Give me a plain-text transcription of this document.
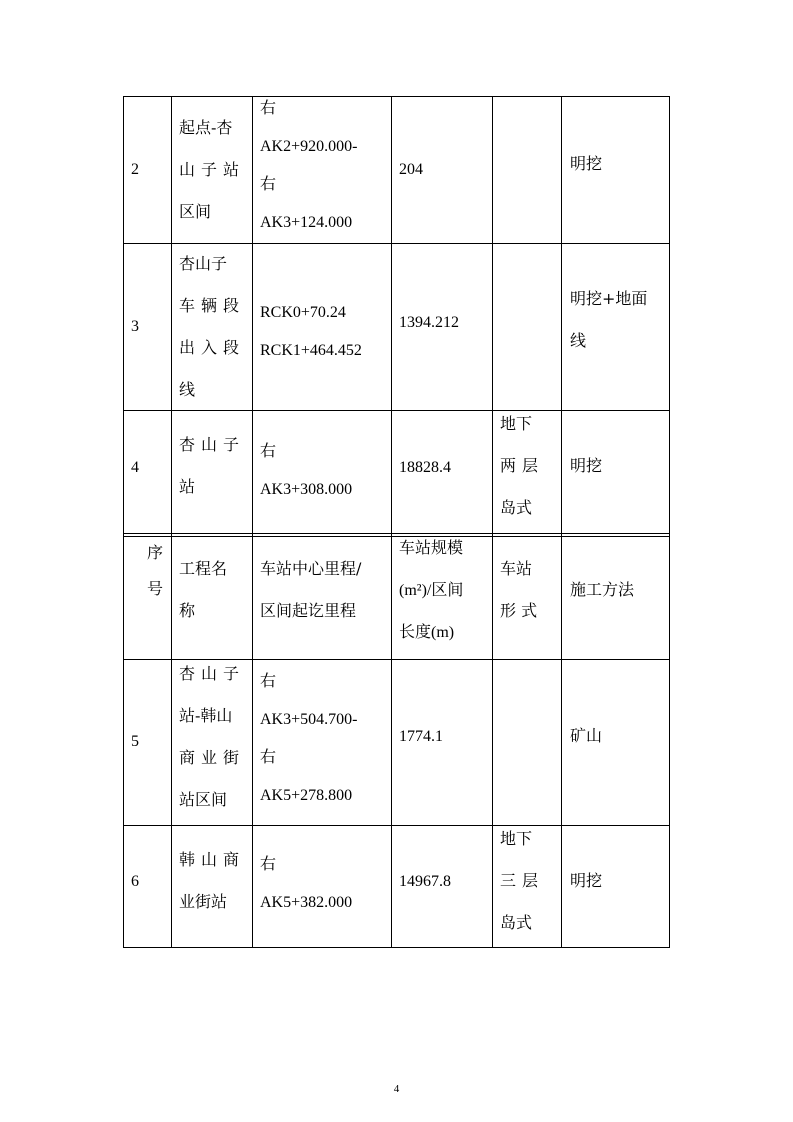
2
起点-杏
山子站
区间
右
AK2+920.000-
右
AK3+124.000
204	明挖
3
杏山子
车辆段
出入段
线
RCK0+70.24
RCK1+464.452
1394.212
明挖+地面
线
4
杏山子
站
右
AK3+308.000
18828.4
地下
两层
岛式
明挖
序
号
工程名
称
车站中心里程/
区间起讫里程
车站规模
(m²)/区间
长度(m)
车站
形 式
施工方法
5
杏山子
站-韩山
商业街
站区间
右
AK3+504.700-
右
AK5+278.800
1774.1	矿山
6
韩山商
业街站
右
AK5+382.000
14967.8
地下
三层
岛式
明挖
4
